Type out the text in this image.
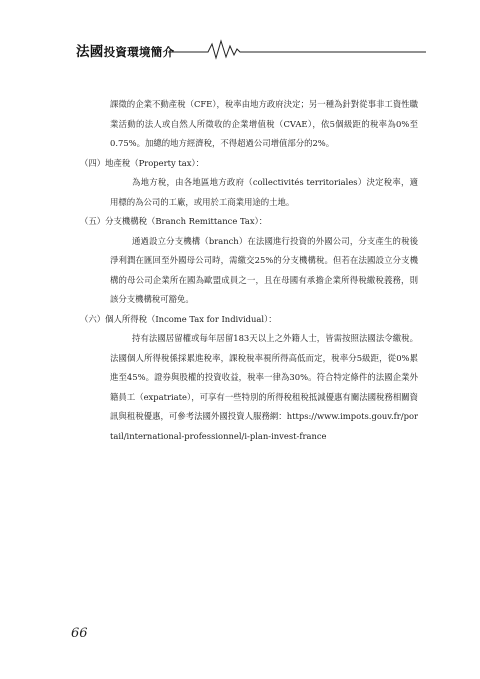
法國投資環境簡介

課徵的企業不動產稅（CFE），稅率由地方政府決定；另一種為針對從事非工資性職業活動的法人或自然人所徵收的企業增值稅（CVAE），依5個級距的稅率為0%至0.75%。加總的地方經濟稅，不得超過公司增值部分的2%。

（四）地產稅（Property tax）：

為地方稅，由各地區地方政府（collectivités territoriales）決定稅率，適用標的為公司的工廠，或用於工商業用途的土地。

（五）分支機構稅（Branch Remittance Tax）：

通過設立分支機構（branch）在法國進行投資的外國公司，分支產生的稅後淨利潤在匯回至外國母公司時，需繳交25%的分支機構稅。但若在法國設立分支機構的母公司企業所在國為歐盟成員之一，且在母國有承擔企業所得稅繳稅義務，則該分支機構稅可豁免。

（六）個人所得稅（Income Tax for Individual）：

持有法國居留權或每年居留183天以上之外籍人士，皆需按照法國法令繳稅。法國個人所得稅係採累進稅率，課稅稅率視所得高低而定，稅率分5級距，從0%累進至45%。證券與股權的投資收益，稅率一律為30%。符合特定條件的法國企業外籍員工（expatriate），可享有一些特別的所得稅租稅抵減優惠有關法國稅務相關資訊與租稅優惠，可參考法國外國投資人服務網：https://www.impots.gouv.fr/portail/international-professionnel/i-plan-invest-france

66
